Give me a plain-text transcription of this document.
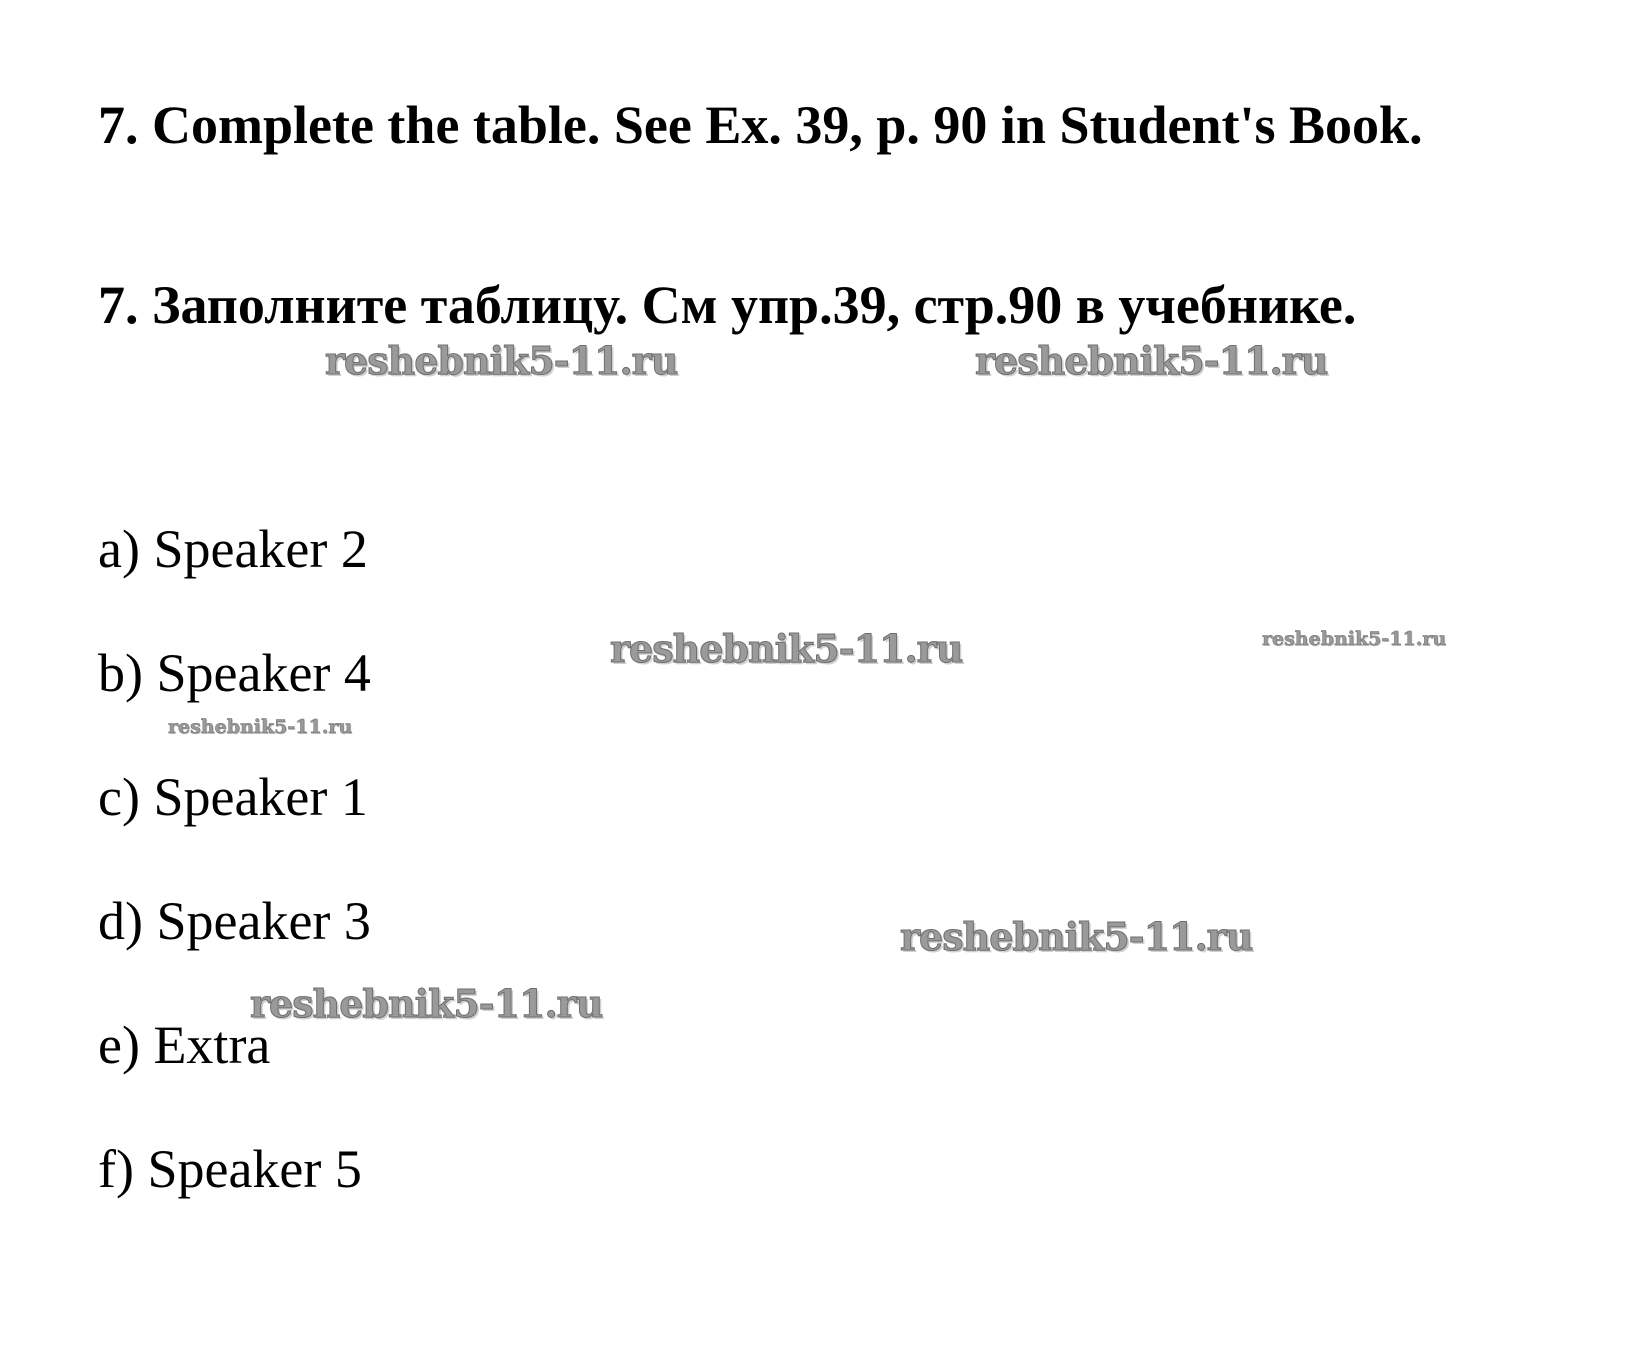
7. Complete the table. See Ex. 39, p. 90 in Student's Book.
7. Заполните таблицу. См упр.39, стр.90 в учебнике.
a) Speaker 2
b) Speaker 4
c) Speaker 1
d) Speaker 3
e) Extra
f) Speaker 5
reshebnik5-11.ru	reshebnik5-11.ru
reshebnik5-11.ru	reshebnik5-11.ru
reshebnik5-11.ru
reshebnik5-11.ru
reshebnik5-11.ru
